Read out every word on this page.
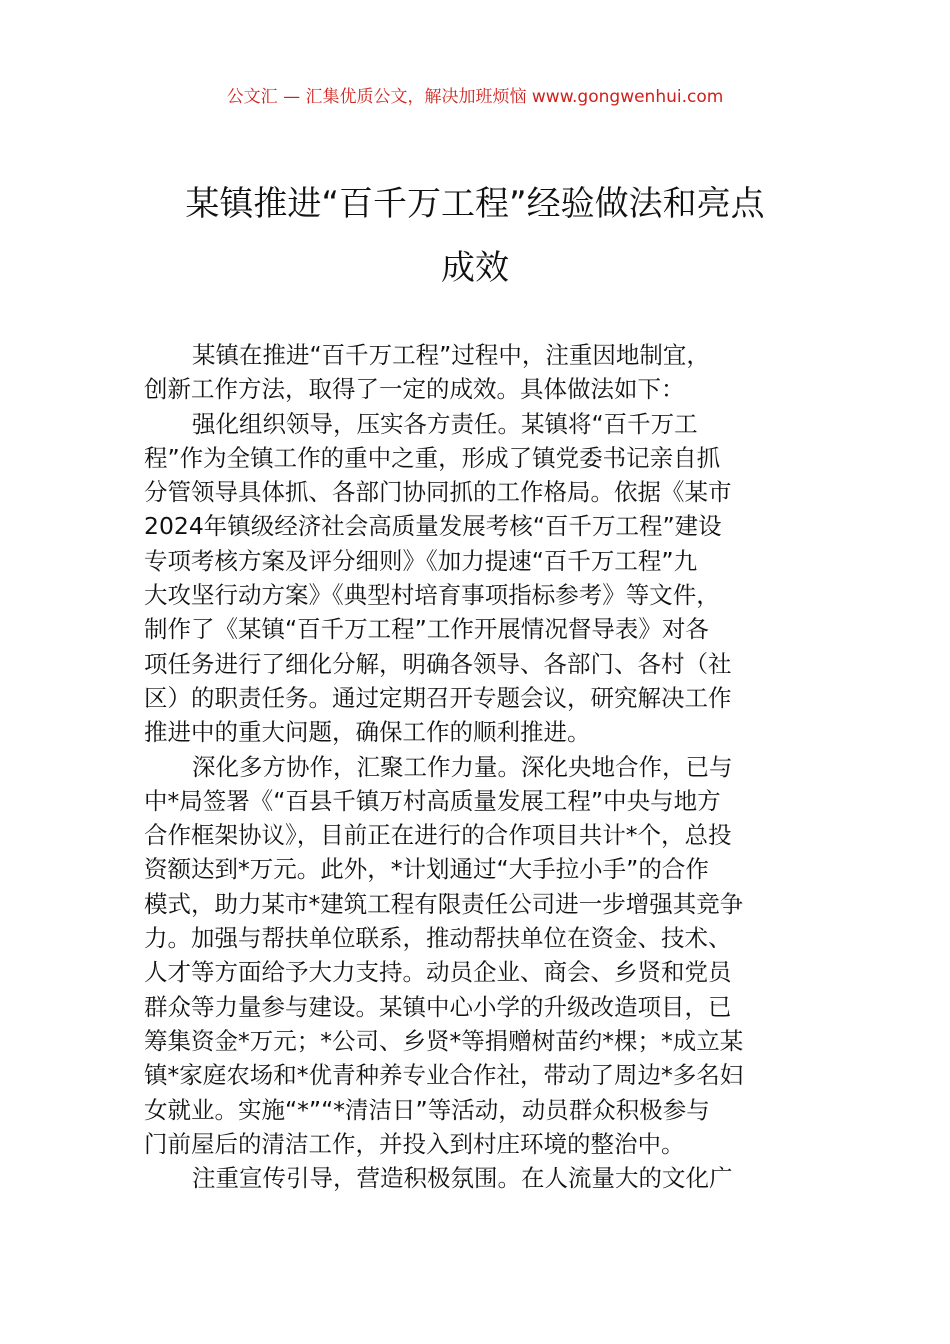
公文汇 — 汇集优质公文，解决加班烦恼 www.gongwenhui.com
某镇推进“百千万工程”经验做法和亮点
成效

某镇在推进“百千万工程”过程中，注重因地制宜，
创新工作方法，取得了一定的成效。具体做法如下：

强化组织领导，压实各方责任。某镇将“百千万工
程”作为全镇工作的重中之重，形成了镇党委书记亲自抓
分管领导具体抓、各部门协同抓的工作格局。依据《某市
2024年镇级经济社会高质量发展考核“百千万工程”建设
专项考核方案及评分细则》《加力提速“百千万工程”九
大攻坚行动方案》《典型村培育事项指标参考》等文件，
制作了《某镇“百千万工程”工作开展情况督导表》对各
项任务进行了细化分解，明确各领导、各部门、各村（社
区）的职责任务。通过定期召开专题会议，研究解决工作
推进中的重大问题，确保工作的顺利推进。

深化多方协作，汇聚工作力量。深化央地合作，已与
中*局签署《“百县千镇万村高质量发展工程”中央与地方
合作框架协议》，目前正在进行的合作项目共计*个，总投
资额达到*万元。此外，*计划通过“大手拉小手”的合作
模式，助力某市*建筑工程有限责任公司进一步增强其竞争
力。加强与帮扶单位联系，推动帮扶单位在资金、技术、
人才等方面给予大力支持。动员企业、商会、乡贤和党员
群众等力量参与建设。某镇中心小学的升级改造项目，已
筹集资金*万元；*公司、乡贤*等捐赠树苗约*棵；*成立某
镇*家庭农场和*优青种养专业合作社，带动了周边*多名妇
女就业。实施“*”“*清洁日”等活动，动员群众积极参与
门前屋后的清洁工作，并投入到村庄环境的整治中。

注重宣传引导，营造积极氛围。在人流量大的文化广
